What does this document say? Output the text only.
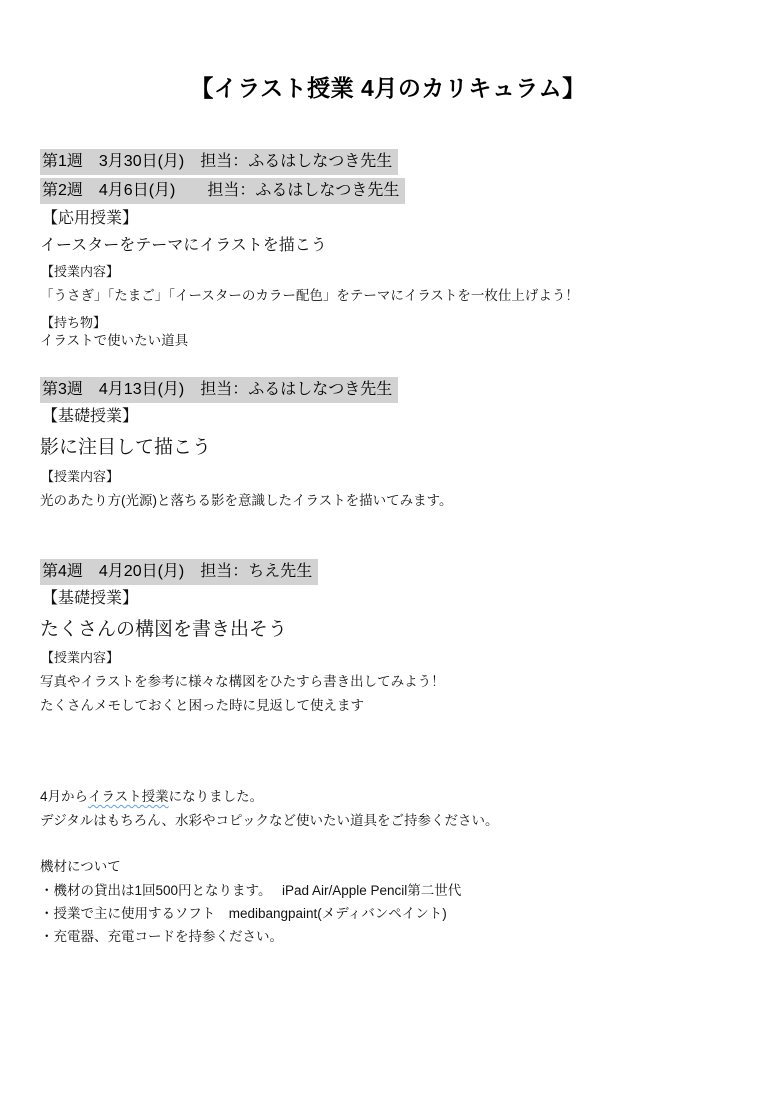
【イラスト授業 4月のカリキュラム】
第1週　3月30日(月)　担当：ふるはしなつき先生
第2週　4月6日(月)　　担当：ふるはしなつき先生
【応用授業】
イースターをテーマにイラストを描こう
【授業内容】
「うさぎ」「たまご」「イースターのカラー配色」をテーマにイラストを一枚仕上げよう！
【持ち物】
イラストで使いたい道具
第3週　4月13日(月)　担当：ふるはしなつき先生
【基礎授業】
影に注目して描こう
【授業内容】
光のあたり方(光源)と落ちる影を意識したイラストを描いてみます。
第4週　4月20日(月)　担当：ちえ先生
【基礎授業】
たくさんの構図を書き出そう
【授業内容】
写真やイラストを参考に様々な構図をひたすら書き出してみよう！
たくさんメモしておくと困った時に見返して使えます
4月からイラスト授業になりました。
デジタルはもちろん、水彩やコピックなど使いたい道具をご持参ください。
機材について
・機材の貸出は1回500円となります。　 iPad Air/Apple Pencil第二世代
・授業で主に使用するソフト　medibangpaint(メディバンペイント)
・充電器、充電コードを持参ください。
